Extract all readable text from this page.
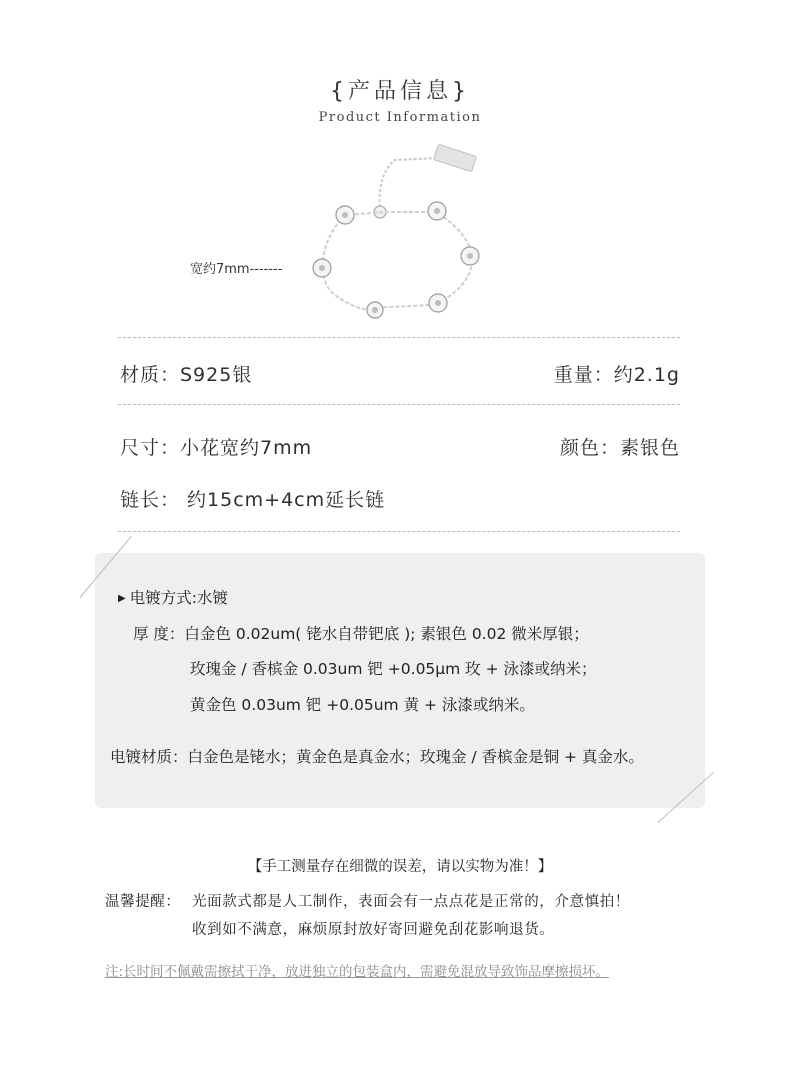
{产品信息}
Product Information
宽约7mm-------
材质：S925银	重量：约2.1g
尺寸：小花宽约7mm	颜色：素银色
链长： 约15cm+4cm延长链
▶ 电镀方式:水镀
厚 度：白金色 0.02um( 铑水自带钯底 ); 素银色 0.02 微米厚银；
玫瑰金 / 香槟金 0.03um 钯 +0.05μm 玫 + 泳漆或纳米；
黄金色 0.03um 钯 +0.05um 黄 + 泳漆或纳米。
电镀材质：白金色是铑水；黄金色是真金水；玫瑰金 / 香槟金是铜 + 真金水。
【手工测量存在细微的误差，请以实物为准！】
温馨提醒： 光面款式都是人工制作，表面会有一点点花是正常的，介意慎拍！
收到如不满意，麻烦原封放好寄回避免刮花影响退货。
注:长时间不佩戴需擦拭干净，放进独立的包装盒内，需避免混放导致饰品摩擦损坏。
